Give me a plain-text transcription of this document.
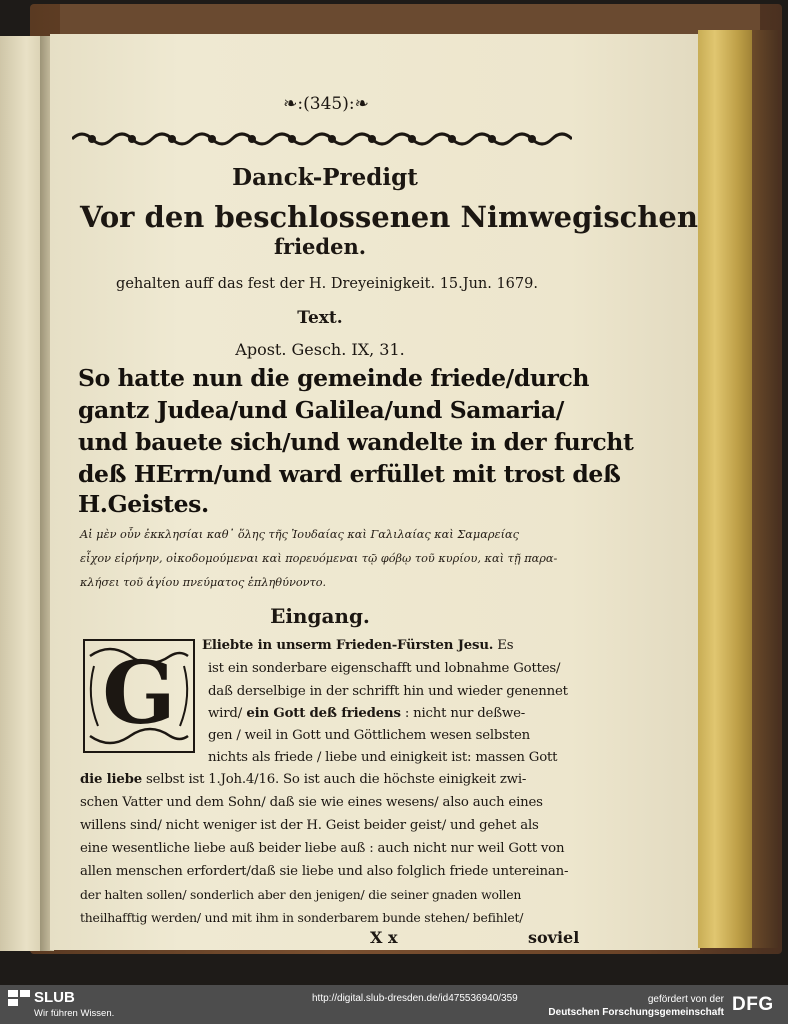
❧:(345):❧
Danck-Predigt
Vor den beschlossenen Nimwegischen
frieden.
gehalten auff das fest der H. Dreyeinigkeit. 15.Jun. 1679.
Text.
Apost. Gesch. IX, 31.
So hatte nun die gemeinde friede/durch
gantz Judea/und Galilea/und Samaria/
und bauete sich/und wandelte in der furcht
deß HErrn/und ward erfüllet mit trost deß
H.Geistes.
Αἱ μὲν οὖν ἐκκλησίαι καθ᾽ ὅλης τῆς Ἰουδαίας καὶ Γαλιλαίας καὶ Σαμαρείας
εἶχον εἰρήνην, οἰκοδομούμεναι καὶ πορευόμεναι τῷ φόβῳ τοῦ κυρίου, καὶ τῇ παρα-
κλήσει τοῦ ἁγίου πνεύματος ἐπληθύνοντο.
Eingang.
G	Eliebte in unserm Frieden-Fürsten Jesu. Es
ist ein sonderbare eigenschafft und lobnahme Gottes/
daß derselbige in der schrifft hin und wieder genennet
wird/ ein Gott deß friedens : nicht nur deßwe-
gen / weil in Gott und Göttlichem wesen selbsten
nichts als friede / liebe und einigkeit ist: massen Gott
die liebe selbst ist 1.Joh.4/16. So ist auch die höchste einigkeit zwi-
schen Vatter und dem Sohn/ daß sie wie eines wesens/ also auch eines
willens sind/ nicht weniger ist der H. Geist beider geist/ und gehet als
eine wesentliche liebe auß beider liebe auß : auch nicht nur weil Gott von
allen menschen erfordert/daß sie liebe und also folglich friede untereinan-
der halten sollen/ sonderlich aber den jenigen/ die seiner gnaden wollen
theilhafftig werden/ und mit ihm in sonderbarem bunde stehen/ befihlet/
X x	soviel
SLUB
Wir führen Wissen.
http://digital.slub-dresden.de/id475536940/359	gefördert von der
Deutschen Forschungsgemeinschaft DFG
